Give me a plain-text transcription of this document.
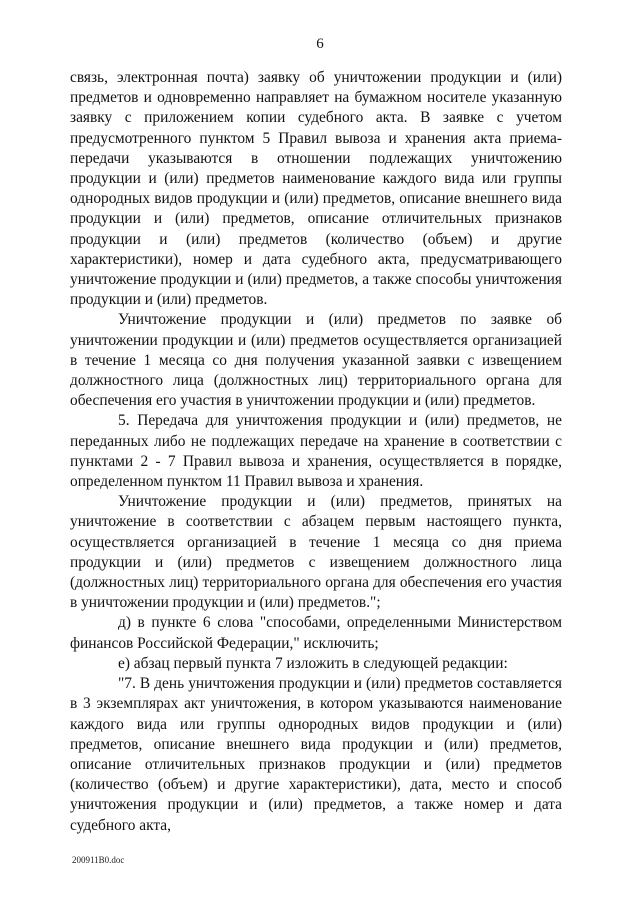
6

связь, электронная почта) заявку об уничтожении продукции и (или) предметов и одновременно направляет на бумажном носителе указанную заявку с приложением копии судебного акта. В заявке с учетом предусмотренного пунктом 5 Правил вывоза и хранения акта приема-передачи указываются в отношении подлежащих уничтожению продукции и (или) предметов наименование каждого вида или группы однородных видов продукции и (или) предметов, описание внешнего вида продукции и (или) предметов, описание отличительных признаков продукции и (или) предметов (количество (объем) и другие характеристики), номер и дата судебного акта, предусматривающего уничтожение продукции и (или) предметов, а также способы уничтожения продукции и (или) предметов.

Уничтожение продукции и (или) предметов по заявке об уничтожении продукции и (или) предметов осуществляется организацией в течение 1 месяца со дня получения указанной заявки с извещением должностного лица (должностных лиц) территориального органа для обеспечения его участия в уничтожении продукции и (или) предметов.

5. Передача для уничтожения продукции и (или) предметов, не переданных либо не подлежащих передаче на хранение в соответствии с пунктами 2 - 7 Правил вывоза и хранения, осуществляется в порядке, определенном пунктом 11 Правил вывоза и хранения.

Уничтожение продукции и (или) предметов, принятых на уничтожение в соответствии с абзацем первым настоящего пункта, осуществляется организацией в течение 1 месяца со дня приема продукции и (или) предметов с извещением должностного лица (должностных лиц) территориального органа для обеспечения его участия в уничтожении продукции и (или) предметов.";

д) в пункте 6 слова "способами, определенными Министерством финансов Российской Федерации," исключить;

е) абзац первый пункта 7 изложить в следующей редакции:

"7. В день уничтожения продукции и (или) предметов составляется в 3 экземплярах акт уничтожения, в котором указываются наименование каждого вида или группы однородных видов продукции и (или) предметов, описание внешнего вида продукции и (или) предметов, описание отличительных признаков продукции и (или) предметов (количество (объем) и другие характеристики), дата, место и способ уничтожения продукции и (или) предметов, а также номер и дата судебного акта,

200911В0.doc
